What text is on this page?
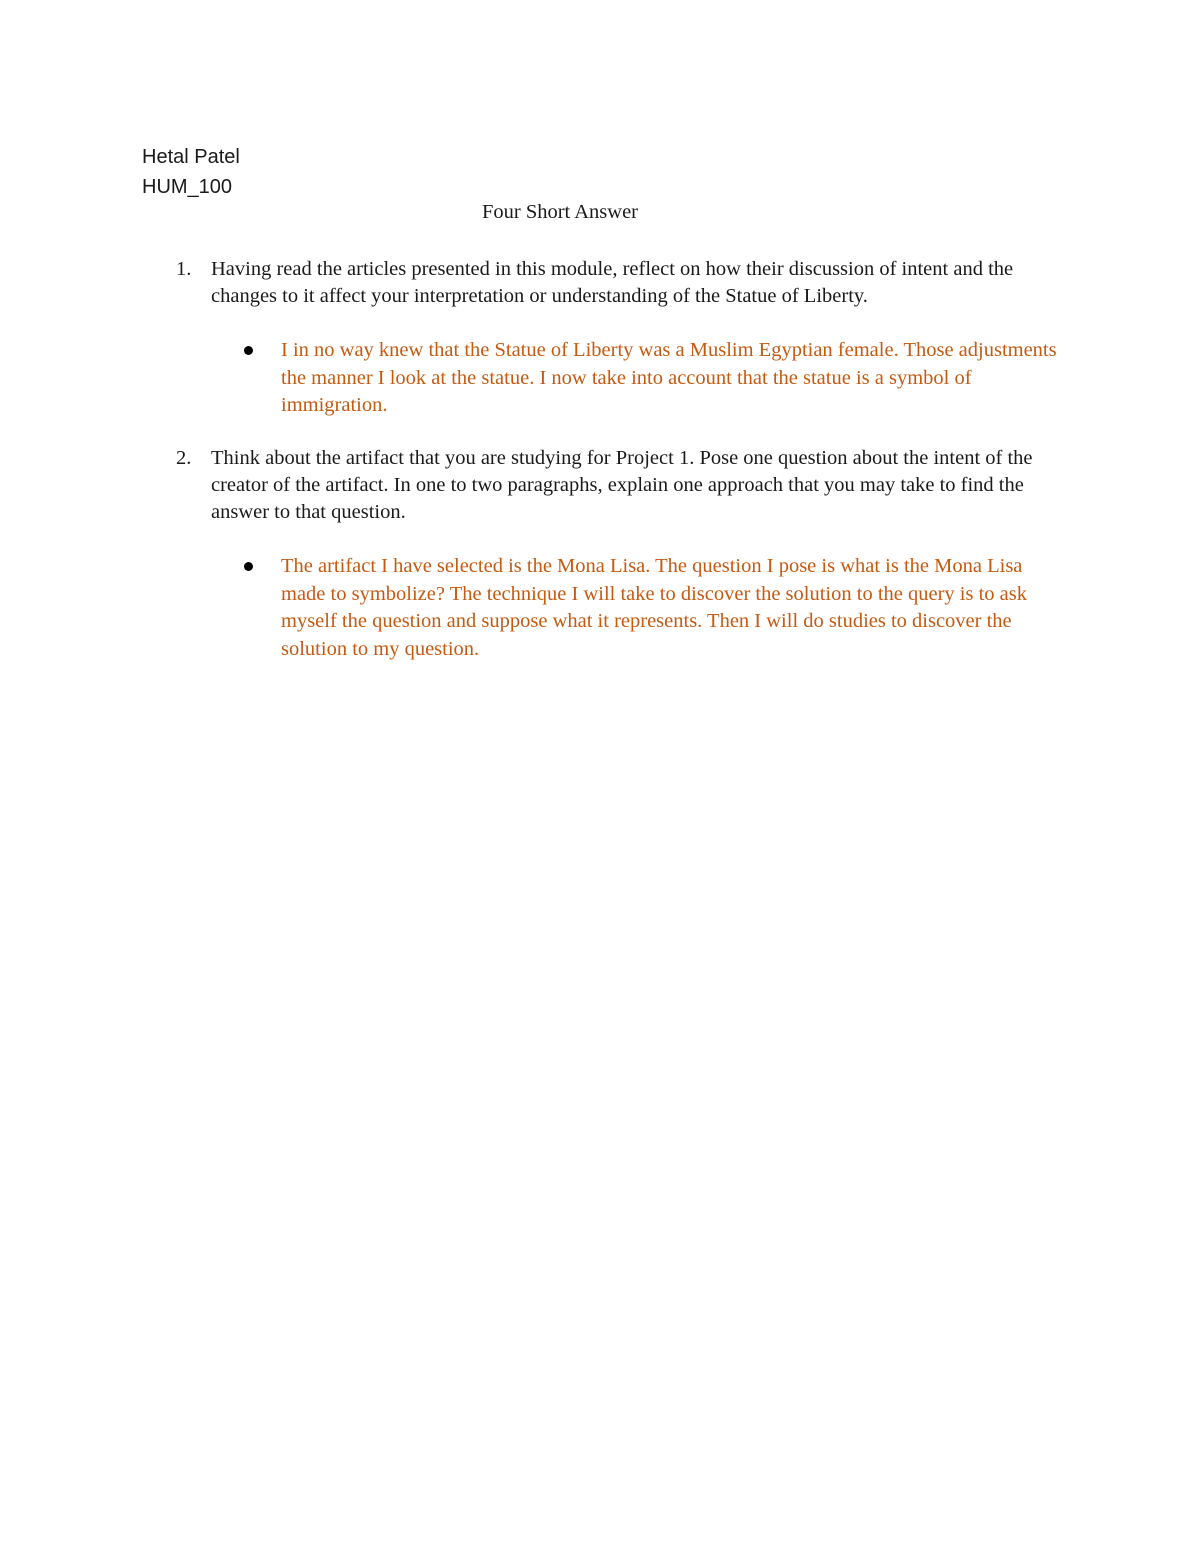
Hetal Patel
HUM_100
Four Short Answer
1. Having read the articles presented in this module, reflect on how their discussion of intent and the changes to it affect your interpretation or understanding of the Statue of Liberty.
I in no way knew that the Statue of Liberty was a Muslim Egyptian female. Those adjustments the manner I look at the statue. I now take into account that the statue is a symbol of immigration.
2. Think about the artifact that you are studying for Project 1. Pose one question about the intent of the creator of the artifact. In one to two paragraphs, explain one approach that you may take to find the answer to that question.
The artifact I have selected is the Mona Lisa. The question I pose is what is the Mona Lisa made to symbolize? The technique I will take to discover the solution to the query is to ask myself the question and suppose what it represents. Then I will do studies to discover the solution to my question.
